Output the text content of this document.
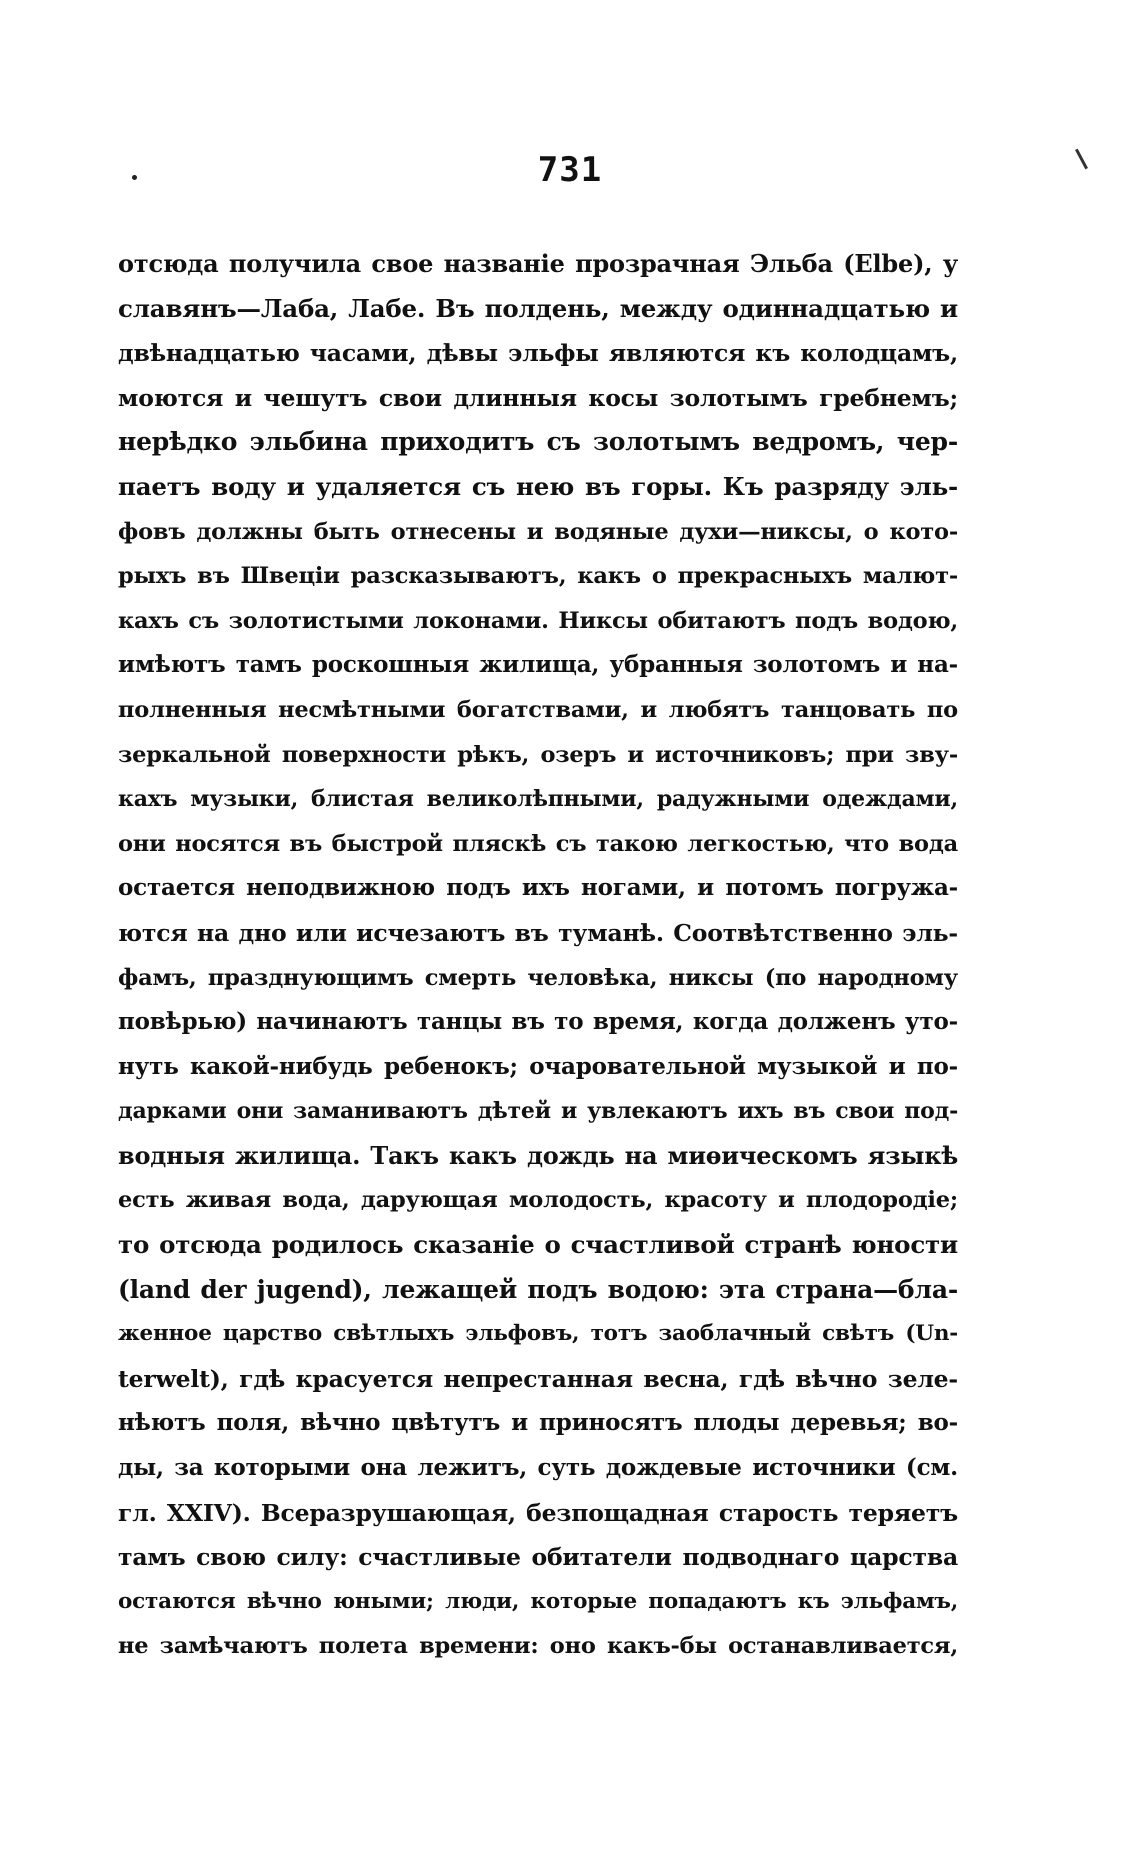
731
отсюда получила свое названіе прозрачная Эльба (Elbe), у
славянъ—Лаба, Лабе. Въ полдень, между одиннадцатью и
двѣнадцатью часами, дѣвы эльфы являются къ колодцамъ,
моются и чешутъ свои длинныя косы золотымъ гребнемъ;
нерѣдко эльбина приходитъ съ золотымъ ведромъ, чер-
паетъ воду и удаляется съ нею въ горы. Къ разряду эль-
фовъ должны быть отнесены и водяные духи—никсы, о кото-
рыхъ въ Швеціи разсказываютъ, какъ о прекрасныхъ малют-
кахъ съ золотистыми локонами. Никсы обитаютъ подъ водою,
имѣютъ тамъ роскошныя жилища, убранныя золотомъ и на-
полненныя несмѣтными богатствами, и любятъ танцовать по
зеркальной поверхности рѣкъ, озеръ и источниковъ; при зву-
кахъ музыки, блистая великолѣпными, радужными одеждами,
они носятся въ быстрой пляскѣ съ такою легкостью, что вода
остается неподвижною подъ ихъ ногами, и потомъ погружа-
ются на дно или исчезаютъ въ туманѣ. Соотвѣтственно эль-
фамъ, празднующимъ смерть человѣка, никсы (по народному
повѣрью) начинаютъ танцы въ то время, когда долженъ уто-
нуть какой-нибудь ребенокъ; очаровательной музыкой и по-
дарками они заманиваютъ дѣтей и увлекаютъ ихъ въ свои под-
водныя жилища. Такъ какъ дождь на миѳическомъ языкѣ
есть живая вода, дарующая молодость, красоту и плодородіе;
то отсюда родилось сказаніе о счастливой странѣ юности
(land der jugend), лежащей подъ водою: эта страна—бла-
женное царство свѣтлыхъ эльфовъ, тотъ заоблачный свѣтъ (Un-
terwelt), гдѣ красуется непрестанная весна, гдѣ вѣчно зеле-
нѣютъ поля, вѣчно цвѣтутъ и приносятъ плоды деревья; во-
ды, за которыми она лежитъ, суть дождевые источники (см.
гл. XXIV). Всеразрушающая, безпощадная старость теряетъ
тамъ свою силу: счастливые обитатели подводнаго царства
остаются вѣчно юными; люди, которые попадаютъ къ эльфамъ,
не замѣчаютъ полета времени: оно какъ-бы останавливается,
